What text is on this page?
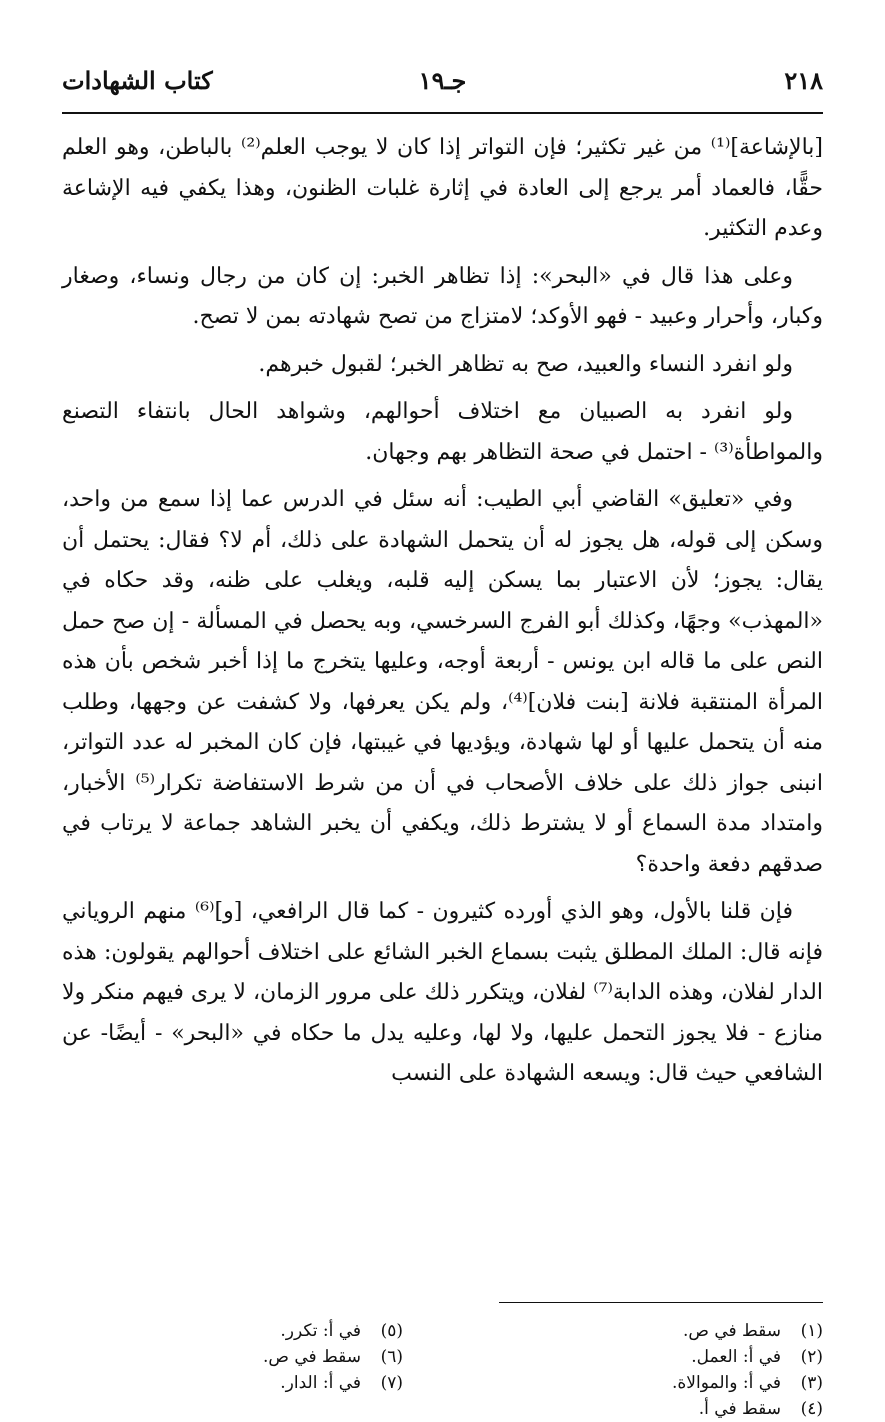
٢١٨
جـ١٩
كتاب الشهادات

[بالإشاعة]⁽¹⁾ من غير تكثير؛ فإن التواتر إذا كان لا يوجب العلم⁽²⁾ بالباطن، وهو العلم حقًّا، فالعماد أمر يرجع إلى العادة في إثارة غلبات الظنون، وهذا يكفي فيه الإشاعة وعدم التكثير.

وعلى هذا قال في «البحر»: إذا تظاهر الخبر: إن كان من رجال ونساء، وصغار وكبار، وأحرار وعبيد - فهو الأوكد؛ لامتزاج من تصح شهادته بمن لا تصح.

ولو انفرد النساء والعبيد، صح به تظاهر الخبر؛ لقبول خبرهم.

ولو انفرد به الصبيان مع اختلاف أحوالهم، وشواهد الحال بانتفاء التصنع والمواطأة⁽³⁾ - احتمل في صحة التظاهر بهم وجهان.

وفي «تعليق» القاضي أبي الطيب: أنه سئل في الدرس عما إذا سمع من واحد، وسكن إلى قوله، هل يجوز له أن يتحمل الشهادة على ذلك، أم لا؟ فقال: يحتمل أن يقال: يجوز؛ لأن الاعتبار بما يسكن إليه قلبه، ويغلب على ظنه، وقد حكاه في «المهذب» وجهًا، وكذلك أبو الفرج السرخسي، وبه يحصل في المسألة - إن صح حمل النص على ما قاله ابن يونس - أربعة أوجه، وعليها يتخرج ما إذا أخبر شخص بأن هذه المرأة المنتقبة فلانة [بنت فلان]⁽⁴⁾، ولم يكن يعرفها، ولا كشفت عن وجهها، وطلب منه أن يتحمل عليها أو لها شهادة، ويؤديها في غيبتها، فإن كان المخبر له عدد التواتر، انبنى جواز ذلك على خلاف الأصحاب في أن من شرط الاستفاضة تكرار⁽⁵⁾ الأخبار، وامتداد مدة السماع أو لا يشترط ذلك، ويكفي أن يخبر الشاهد جماعة لا يرتاب في صدقهم دفعة واحدة؟

فإن قلنا بالأول، وهو الذي أورده كثيرون - كما قال الرافعي، [و]⁽⁶⁾ منهم الروياني فإنه قال: الملك المطلق يثبت بسماع الخبر الشائع على اختلاف أحوالهم يقولون: هذه الدار لفلان، وهذه الدابة⁽⁷⁾ لفلان، ويتكرر ذلك على مرور الزمان، لا يرى فيهم منكر ولا منازع - فلا يجوز التحمل عليها، ولا لها، وعليه يدل ما حكاه في «البحر» - أيضًا- عن الشافعي حيث قال: ويسعه الشهادة على النسب

(١)سقط في ص.
(٢)في أ: العمل.
(٣)في أ: والموالاة.
(٤)سقط في أ.
(٥)في أ: تكرر.
(٦)سقط في ص.
(٧)في أ: الدار.
